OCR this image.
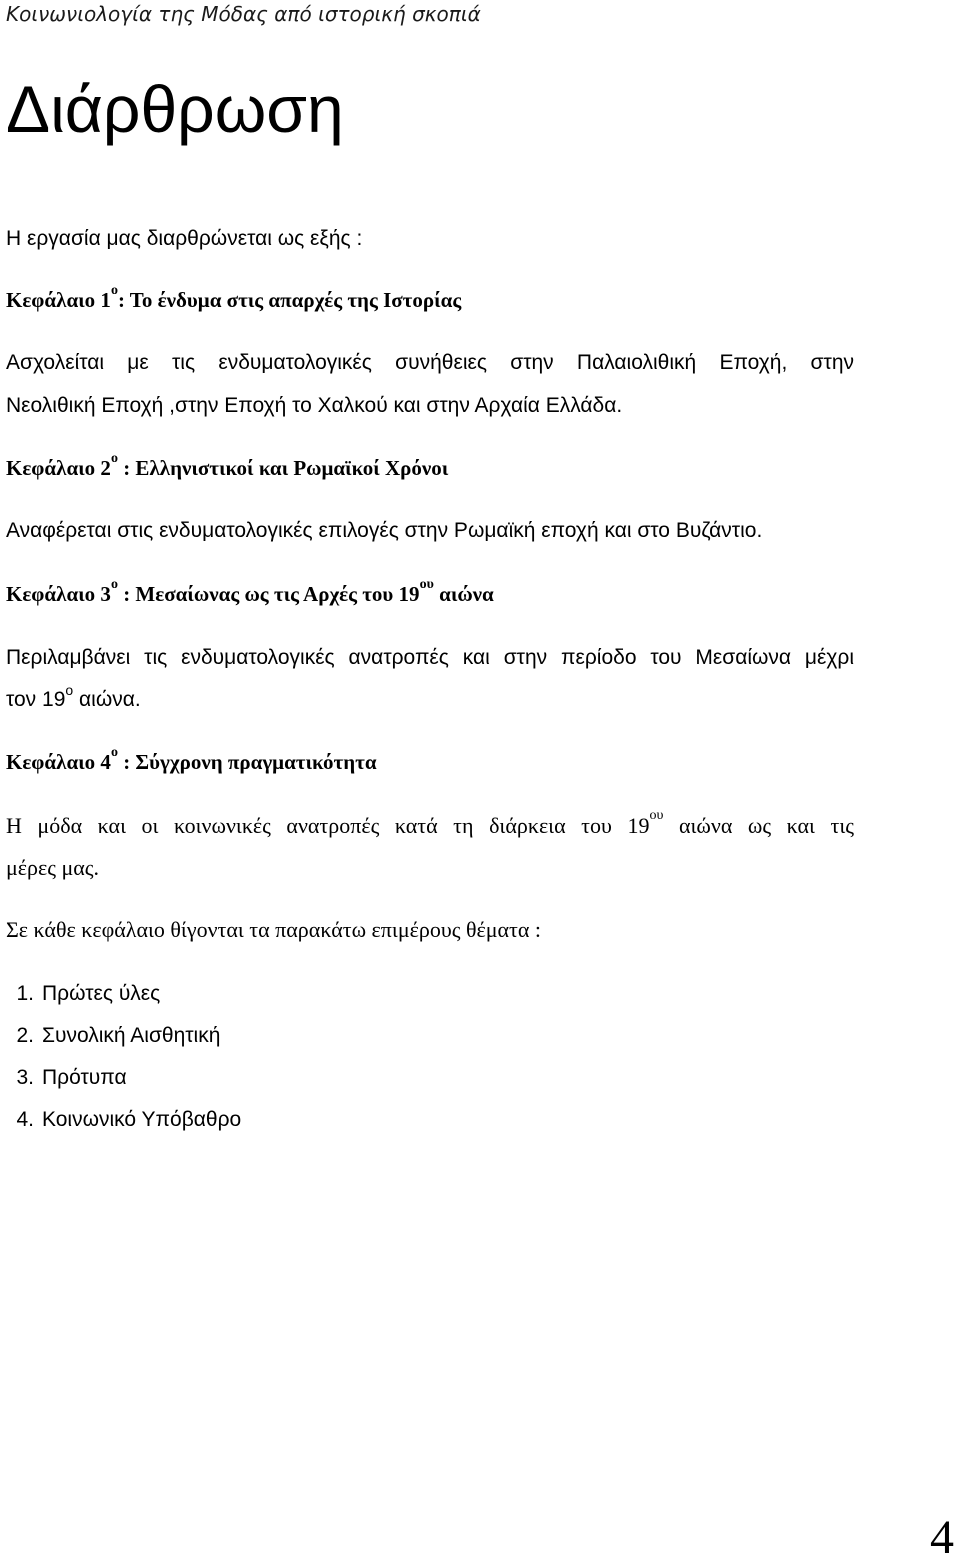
Κοινωνιολογία της Μόδας από ιστορική σκοπιά
Διάρθρωση
Η εργασία μας διαρθρώνεται ως εξής :
Κεφάλαιο $1^o$: Το ένδυμα στις απαρχές της Ιστορίας
Ασχολείται με τις ενδυματολογικές συνήθειες στην Παλαιολιθική Εποχή, στην
Νεολιθική Εποχή ,στην Εποχή το Χαλκού και στην Αρχαία Ελλάδα.
Κεφάλαιο $2^o$ : Ελληνιστικοί και Ρωμαϊκοί Χρόνοι
Αναφέρεται στις ενδυματολογικές επιλογές στην Ρωμαϊκή εποχή και στο Βυζάντιο.
Κεφάλαιο $3^o$ : Μεσαίωνας ως τις Αρχές του $19^{o\upsilon}$ αιώνα
Περιλαμβάνει τις ενδυματολογικές ανατροπές και στην περίοδο του Μεσαίωνα μέχρι
τον $19^o$ αιώνα.
Κεφάλαιο $4^o$ : Σύγχρονη πραγματικότητα
Η μόδα και οι κοινωνικές ανατροπές κατά τη διάρκεια του $19^{o\upsilon}$ αιώνα ως και τις
μέρες μας.
Σε κάθε κεφάλαιο θίγονται τα παρακάτω επιμέρους θέματα :
1. Πρώτες ύλες
2. Συνολική Αισθητική
3. Πρότυπα
4. Κοινωνικό Υπόβαθρο
4
